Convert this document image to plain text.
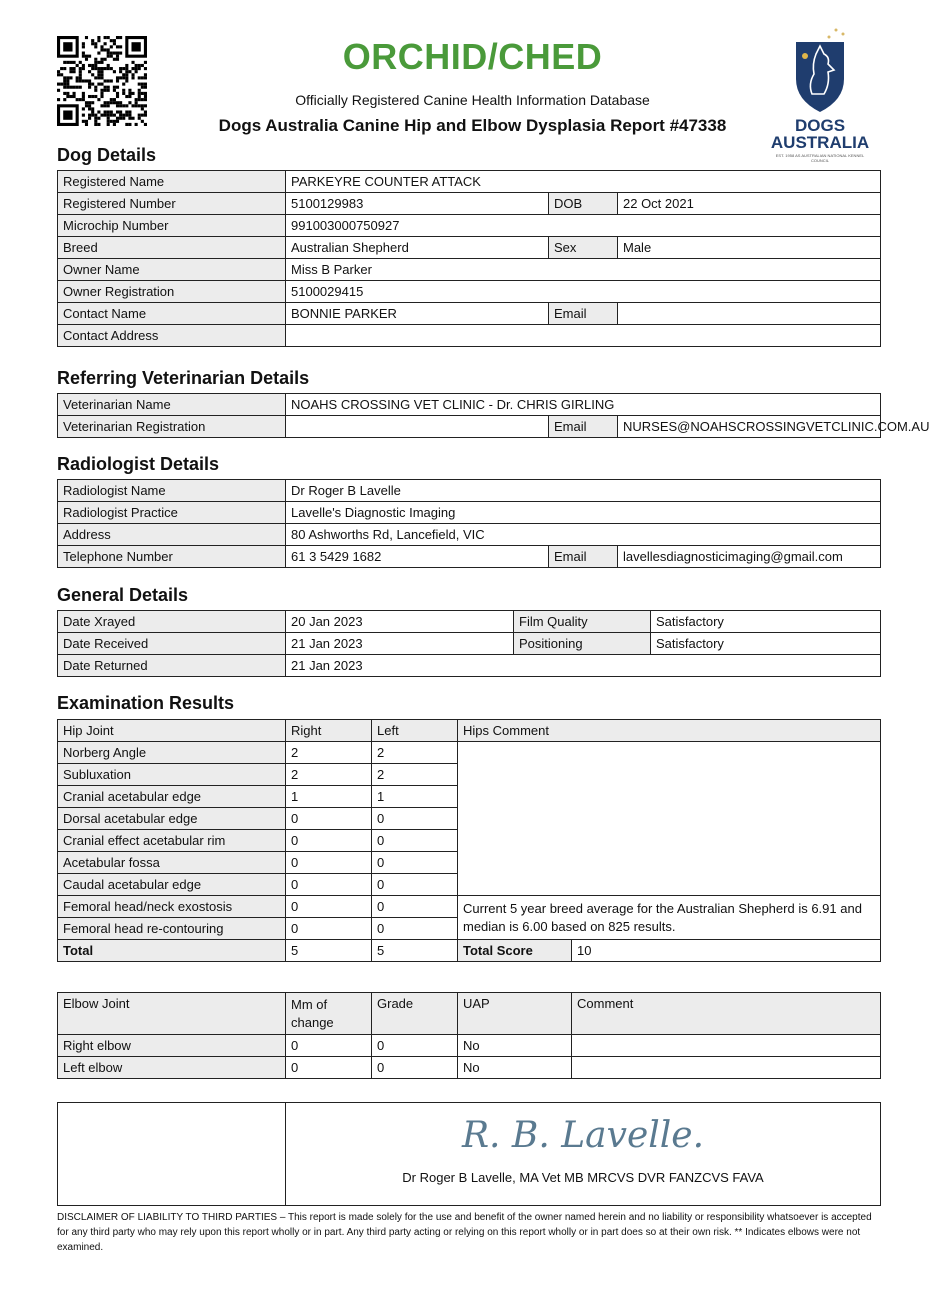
ORCHID/CHED
Officially Registered Canine Health Information Database
Dogs Australia Canine Hip and Elbow Dysplasia Report #47338	DOGS AUSTRALIA
EST. 1958 AS AUSTRALIAN NATIONAL KENNEL COUNCIL
Dog Details
Registered Name	PARKEYRE COUNTER ATTACK		
Registered Number	5100129983	DOB	22 Oct 2021
Microchip Number	991003000750927		
Breed	Australian Shepherd	Sex	Male
Owner Name	Miss B Parker		
Owner Registration	5100029415		
Contact Name	BONNIE PARKER	Email	
Contact Address			
Referring Veterinarian Details
Veterinarian Name	NOAHS CROSSING VET CLINIC - Dr. CHRIS GIRLING		
Veterinarian Registration		Email	NURSES@NOAHSCROSSINGVETCLINIC.COM.AU
Radiologist Details
Radiologist Name	Dr Roger B Lavelle		
Radiologist Practice	Lavelle's Diagnostic Imaging		
Address	80 Ashworths Rd, Lancefield, VIC		
Telephone Number	61 3 5429 1682	Email	lavellesdiagnosticimaging@gmail.com
General Details
Date Xrayed	20 Jan 2023	Film Quality	Satisfactory
Date Received	21 Jan 2023	Positioning	Satisfactory
Date Returned	21 Jan 2023		
Examination Results
Hip Joint	Right	Left	Hips Comment	
Norberg Angle	2	2		
Subluxation	2	2		
Cranial acetabular edge	1	1		
Dorsal acetabular edge	0	0		
Cranial effect acetabular rim	0	0		
Acetabular fossa	0	0		
Caudal acetabular edge	0	0		
Femoral head/neck exostosis	0	0	Current 5 year breed average for the Australian Shepherd is 6.91 and median is 6.00 based on 825 results.	
Femoral head re-contouring	0	0		
Total	5	5	Total Score	10
Elbow Joint	Mm of change	Grade	UAP	Comment
Right elbow	0	0	No	
Left elbow	0	0	No	

R. B. Lavelle.
Dr Roger B Lavelle, MA Vet MB MRCVS DVR FANZCVS FAVA
DISCLAIMER OF LIABILITY TO THIRD PARTIES – This report is made solely for the use and benefit of the owner named herein and no liability or responsibility whatsoever is accepted for any third party who may rely upon this report wholly or in part. Any third party acting or relying on this report wholly or in part does so at their own risk. ** Indicates elbows were not examined.
